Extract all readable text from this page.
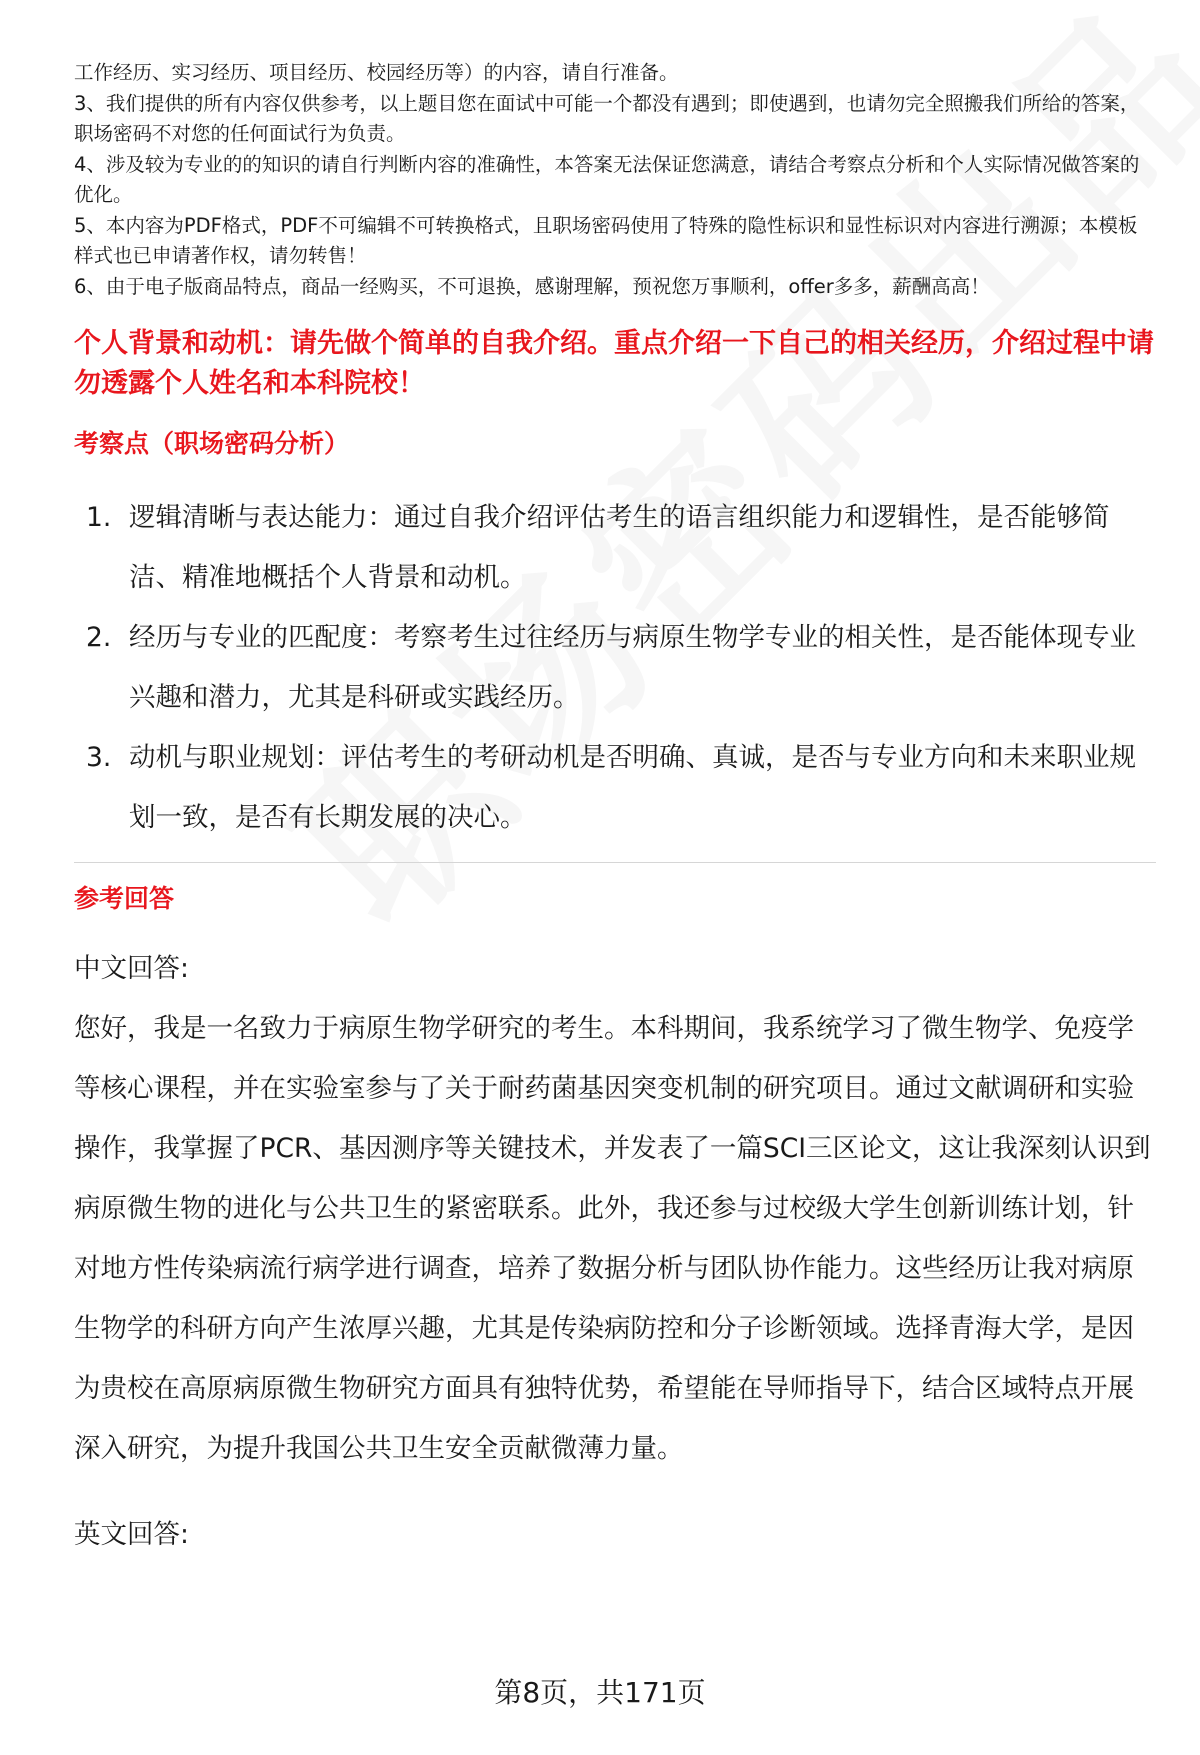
工作经历、实习经历、项目经历、校园经历等）的内容，请自行准备。

3、我们提供的所有内容仅供参考，以上题目您在面试中可能一个都没有遇到；即使遇到，也请勿完全照搬我们所给的答案，职场密码不对您的任何面试行为负责。

4、涉及较为专业的的知识的请自行判断内容的准确性，本答案无法保证您满意，请结合考察点分析和个人实际情况做答案的优化。

5、本内容为PDF格式，PDF不可编辑不可转换格式，且职场密码使用了特殊的隐性标识和显性标识对内容进行溯源；本模板样式也已申请著作权，请勿转售！

6、由于电子版商品特点，商品一经购买，不可退换，感谢理解，预祝您万事顺利，offer多多，薪酬高高！

个人背景和动机：请先做个简单的自我介绍。重点介绍一下自己的相关经历，介绍过程中请勿透露个人姓名和本科院校！
考察点（职场密码分析）
1. 逻辑清晰与表达能力：通过自我介绍评估考生的语言组织能力和逻辑性，是否能够简洁、精准地概括个人背景和动机。
2. 经历与专业的匹配度：考察考生过往经历与病原生物学专业的相关性，是否能体现专业兴趣和潜力，尤其是科研或实践经历。
3. 动机与职业规划：评估考生的考研动机是否明确、真诚，是否与专业方向和未来职业规划一致，是否有长期发展的决心。
参考回答

中文回答:

您好，我是一名致力于病原生物学研究的考生。本科期间，我系统学习了微生物学、免疫学等核心课程，并在实验室参与了关于耐药菌基因突变机制的研究项目。通过文献调研和实验操作，我掌握了PCR、基因测序等关键技术，并发表了一篇SCI三区论文，这让我深刻认识到病原微生物的进化与公共卫生的紧密联系。此外，我还参与过校级大学生创新训练计划，针对地方性传染病流行病学进行调查，培养了数据分析与团队协作能力。这些经历让我对病原生物学的科研方向产生浓厚兴趣，尤其是传染病防控和分子诊断领域。选择青海大学，是因为贵校在高原病原微生物研究方面具有独特优势，希望能在导师指导下，结合区域特点开展深入研究，为提升我国公共卫生安全贡献微薄力量。

英文回答:

第8页，共171页
